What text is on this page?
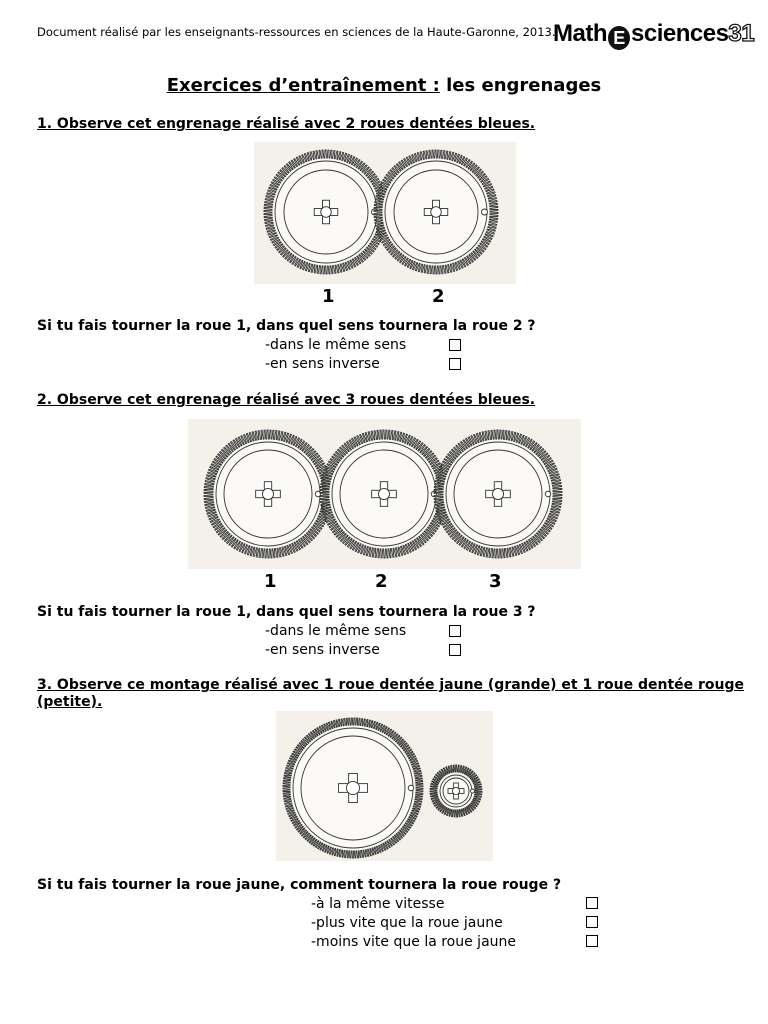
Document réalisé par les enseignants-ressources en sciences de la Haute-Garonne, 2013.
Math E sciences31
Exercices d’entraînement : les engrenages
1. Observe cet engrenage réalisé avec 2 roues dentées bleues.
1	2
Si tu fais tourner la roue 1, dans quel sens tournera la roue 2 ?
-dans le même sens
-en sens inverse
2. Observe cet engrenage réalisé avec 3 roues dentées bleues.
1	2	3
Si tu fais tourner la roue 1, dans quel sens tournera la roue 3 ?
-dans le même sens
-en sens inverse
3. Observe ce montage réalisé avec 1 roue dentée jaune (grande) et 1 roue dentée rouge
(petite).
Si tu fais tourner la roue jaune, comment tournera la roue rouge ?
-à la même vitesse
-plus vite que la roue jaune
-moins vite que la roue jaune
